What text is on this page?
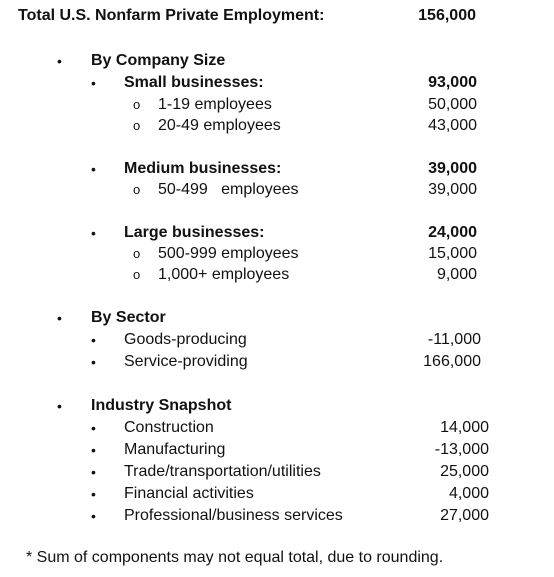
Total U.S. Nonfarm Private Employment:	156,000
• By Company Size
• Small businesses:	93,000
o 1-19 employees	50,000
o 20-49 employees	43,000
• Medium businesses:	39,000
o 50-499   employees	39,000
• Large businesses:	24,000
o 500-999 employees	15,000
o 1,000+ employees	9,000
• By Sector
• Goods-producing	-11,000
• Service-providing	166,000
• Industry Snapshot
• Construction	14,000
• Manufacturing	-13,000
• Trade/transportation/utilities	25,000
• Financial activities	4,000
• Professional/business services	27,000
* Sum of components may not equal total, due to rounding.
